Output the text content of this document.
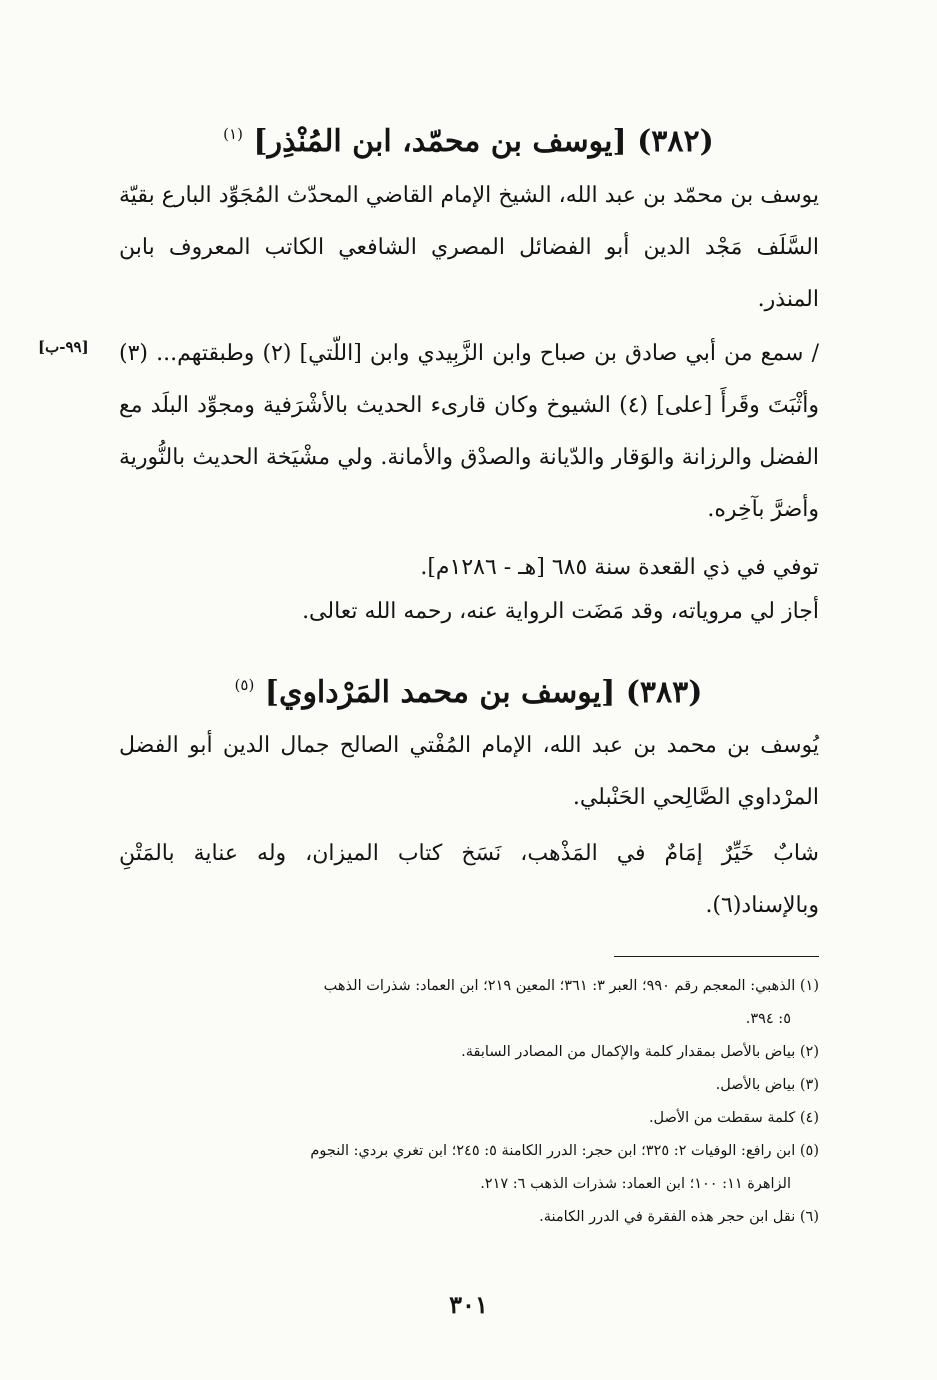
(٣٨٢) [يوسف بن محمّد، ابن المُنْذِر] $^{(١)}$

يوسف بن محمّد بن عبد الله، الشيخ الإمام القاضي المحدّث المُجَوِّد البارع بقيّة السَّلَف مَجْد الدين أبو الفضائل المصري الشافعي الكاتب المعروف بابن المنذر.

[٩٩-ب] / سمع من أبي صادق بن صباح وابن الزَّبِيدي وابن [اللّتي] (٢) وطبقتهم... (٣) وأثْبَتَ وقَرأَ [على] (٤) الشيوخ وكان قارىء الحديث بالأشْرَفية ومجوِّد البلَد مع الفضل والرزانة والوَقار والدّيانة والصدْق والأمانة. ولي مشْيَخة الحديث بالنُّورية وأضرَّ بآخِره.

توفي في ذي القعدة سنة ٦٨٥ [هـ - ١٢٨٦م].

أجاز لي مروياته، وقد مَضَت الرواية عنه، رحمه الله تعالى.

(٣٨٣) [يوسف بن محمد المَرْداوي] $^{(٥)}$

يُوسف بن محمد بن عبد الله، الإمام المُفْتي الصالح جمال الدين أبو الفضل المرْداوي الصَّالِحي الحَنْبلي.

شابٌ خَيِّرٌ إمَامٌ في المَذْهب، نَسَخ كتاب الميزان، وله عناية بالمَتْنِ وبالإسناد(٦).

(١) الذهبي: المعجم رقم ٩٩٠؛ العبر ٣: ٣٦١؛ المعين ٢١٩؛ ابن العماد: شذرات الذهب
٥: ٣٩٤.

(٢) بياض بالأصل بمقدار كلمة والإكمال من المصادر السابقة.

(٣) بياض بالأصل.

(٤) كلمة سقطت من الأصل.

(٥) ابن رافع: الوفيات ٢: ٣٢٥؛ ابن حجر: الدرر الكامنة ٥: ٢٤٥؛ ابن تغري بردي: النجوم
الزاهرة ١١: ١٠٠؛ ابن العماد: شذرات الذهب ٦: ٢١٧.

(٦) نقل ابن حجر هذه الفقرة في الدرر الكامنة.

٣٠١
